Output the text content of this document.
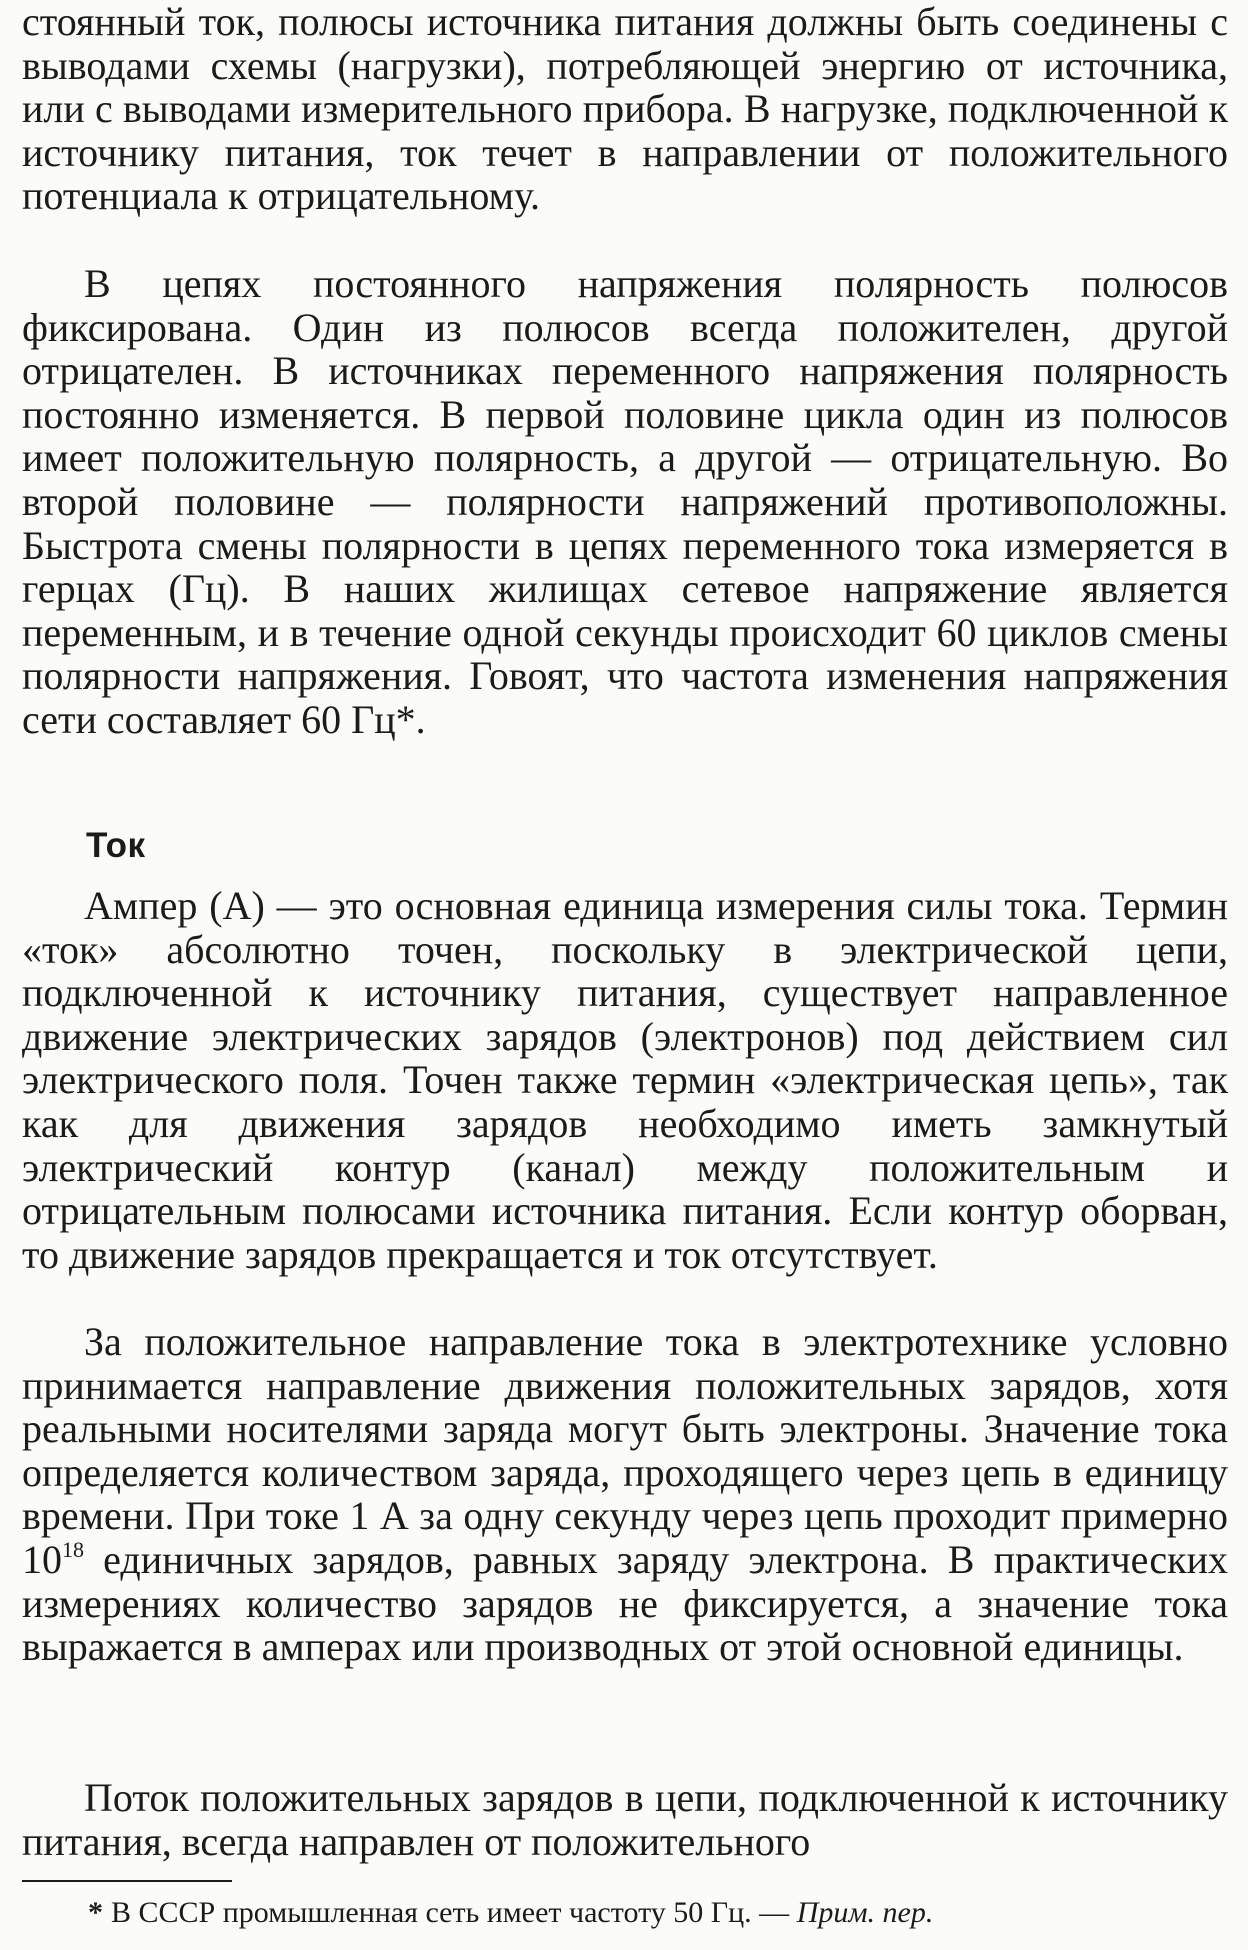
стоянный ток, полюсы источника питания должны быть соединены с выводами схемы (нагрузки), потребляющей энергию от источника, или с выводами измерительного прибора. В нагрузке, подключенной к источнику питания, ток течет в направлении от положительного потенциала к отрицательному.

В цепях постоянного напряжения полярность полюсов фиксирована. Один из полюсов всегда положителен, другой отрицателен. В источниках переменного напряжения полярность постоянно изменяется. В первой половине цикла один из полюсов имеет положительную полярность, а другой — отрицательную. Во второй половине — полярности напряжений противоположны. Быстрота смены полярности в цепях переменного тока измеряется в герцах (Гц). В наших жилищах сетевое напряжение является переменным, и в течение одной секунды происходит 60 циклов смены полярности напряжения. Говоят, что частота изменения напряжения сети составляет 60 Гц*.

Ток

Ампер (А) — это основная единица измерения силы тока. Термин «ток» абсолютно точен, поскольку в электрической цепи, подключенной к источнику питания, существует направленное движение электрических зарядов (электронов) под действием сил электрического поля. Точен также термин «электрическая цепь», так как для движения зарядов необходимо иметь замкнутый электрический контур (канал) между положительным и отрицательным полюсами источника питания. Если контур оборван, то движение зарядов прекращается и ток отсутствует.

За положительное направление тока в электротехнике условно принимается направление движения положительных зарядов, хотя реальными носителями заряда могут быть электроны. Значение тока определяется количеством заряда, проходящего через цепь в единицу времени. При токе 1 А за одну секунду через цепь проходит примерно $10^{18}$ единичных зарядов, равных заряду электрона. В практических измерениях количество зарядов не фиксируется, а значение тока выражается в амперах или производных от этой основной единицы.

Поток положительных зарядов в цепи, подключенной к источнику питания, всегда направлен от положительного

* В СССР промышленная сеть имеет частоту 50 Гц. — Прим. пер.
